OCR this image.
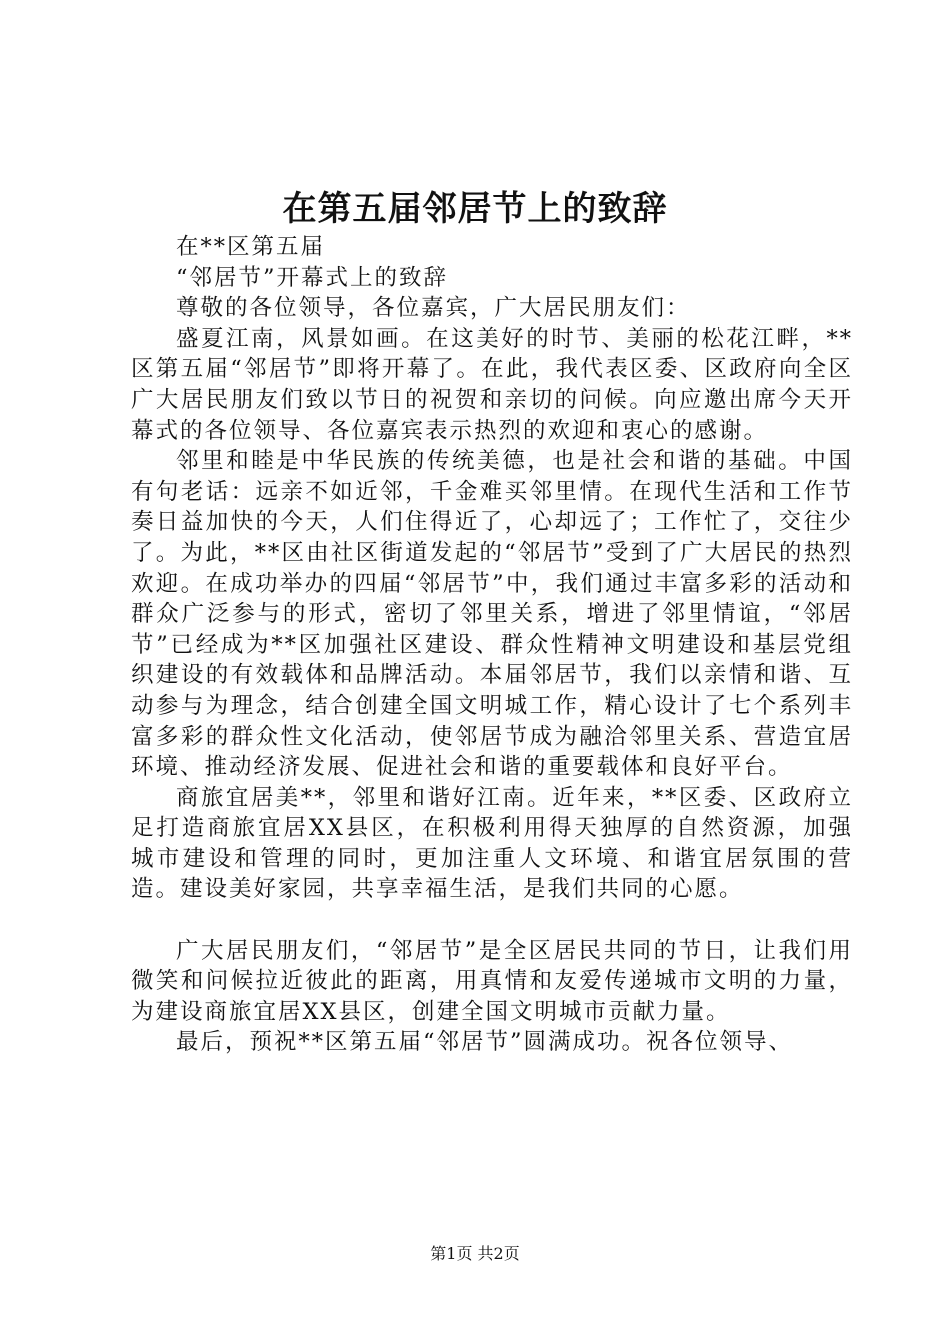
在第五届邻居节上的致辞

在**区第五届

“邻居节”开幕式上的致辞

尊敬的各位领导，各位嘉宾，广大居民朋友们：

盛夏江南，风景如画。在这美好的时节、美丽的松花江畔，**区第五届“邻居节”即将开幕了。在此，我代表区委、区政府向全区广大居民朋友们致以节日的祝贺和亲切的问候。向应邀出席今天开幕式的各位领导、各位嘉宾表示热烈的欢迎和衷心的感谢。

邻里和睦是中华民族的传统美德，也是社会和谐的基础。中国有句老话：远亲不如近邻，千金难买邻里情。在现代生活和工作节奏日益加快的今天，人们住得近了，心却远了；工作忙了，交往少了。为此，**区由社区街道发起的“邻居节”受到了广大居民的热烈欢迎。在成功举办的四届“邻居节”中，我们通过丰富多彩的活动和群众广泛参与的形式，密切了邻里关系，增进了邻里情谊，“邻居节”已经成为**区加强社区建设、群众性精神文明建设和基层党组织建设的有效载体和品牌活动。本届邻居节，我们以亲情和谐、互动参与为理念，结合创建全国文明城工作，精心设计了七个系列丰富多彩的群众性文化活动，使邻居节成为融洽邻里关系、营造宜居环境、推动经济发展、促进社会和谐的重要载体和良好平台。

商旅宜居美**，邻里和谐好江南。近年来，**区委、区政府立足打造商旅宜居XX县区，在积极利用得天独厚的自然资源，加强城市建设和管理的同时，更加注重人文环境、和谐宜居氛围的营造。建设美好家园，共享幸福生活，是我们共同的心愿。

广大居民朋友们，“邻居节”是全区居民共同的节日，让我们用微笑和问候拉近彼此的距离，用真情和友爱传递城市文明的力量，为建设商旅宜居XX县区，创建全国文明城市贡献力量。

最后，预祝**区第五届“邻居节”圆满成功。祝各位领导、

第1页 共2页
